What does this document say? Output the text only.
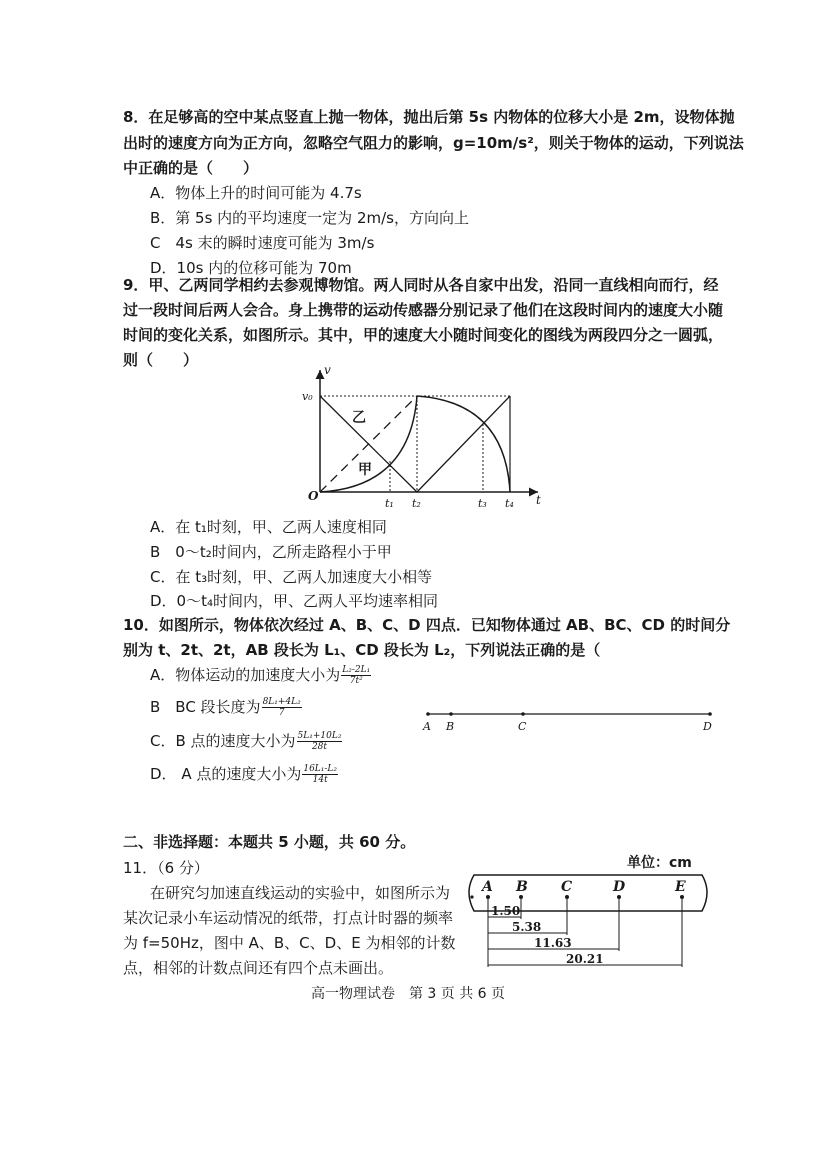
8．在足够高的空中某点竖直上抛一物体，抛出后第 5s 内物体的位移大小是 2m，设物体抛
出时的速度方向为正方向，忽略空气阻力的影响，g=10m/s²，则关于物体的运动，下列说法
中正确的是（　　）
A．物体上升的时间可能为 4.7s
B．第 5s 内的平均速度一定为 2m/s，方向向上
C　4s 末的瞬时速度可能为 3m/s
D．10s 内的位移可能为 70m
9．甲、乙两同学相约去参观博物馆。两人同时从各自家中出发，沿同一直线相向而行，经
过一段时间后两人会合。身上携带的运动传感器分别记录了他们在这段时间内的速度大小随
时间的变化关系，如图所示。其中，甲的速度大小随时间变化的图线为两段四分之一圆弧，
则（　　）
v
v₀
O	t
乙
甲
t₁ t₂	t₃ t₄
A．在 t₁时刻，甲、乙两人速度相同
B　0～t₂时间内，乙所走路程小于甲
C．在 t₃时刻，甲、乙两人加速度大小相等
D．0～t₄时间内，甲、乙两人平均速率相同
10．如图所示，物体依次经过 A、B、C、D 四点．已知物体通过 AB、BC、CD 的时间分
别为 t、2t、2t，AB 段长为 L₁、CD 段长为 L₂，下列说法正确的是（
A．物体运动的加速度大小为 $\frac{\text{L₂-2L₁}}{\text{7t²}}$
B　BC 段长度为 $\frac{\text{8L₁+4L₂}}{7}$
C．B 点的速度大小为 $\frac{\text{5L₁+10L₂}}{28t}$
D． A 点的速度大小为 $\frac{\text{16L₁-L₂}}{14t}$
A B	C	D
二、非选择题：本题共 5 小题，共 60 分。
11．（6 分）
在研究匀加速直线运动的实验中，如图所示为
某次记录小车运动情况的纸带，打点计时器的频率
为 f=50Hz，图中 A、B、C、D、E 为相邻的计数
点，相邻的计数点间还有四个点未画出。
单位：cm
A B C	D	E
1.50
5.38
11.63
20.21
高一物理试卷　第 3 页 共 6 页
